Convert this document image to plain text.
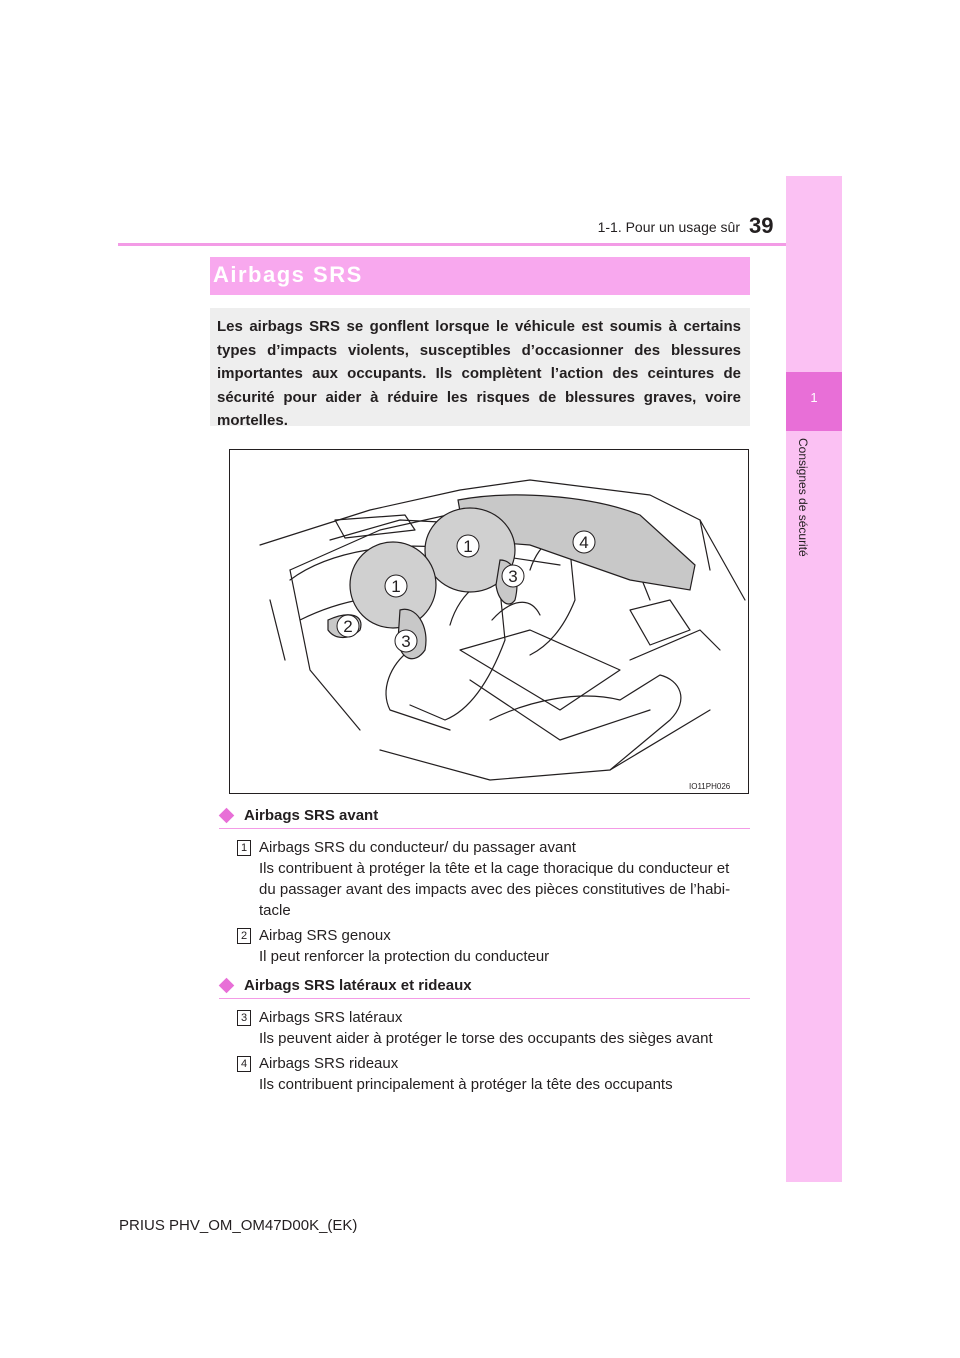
1
Consignes de sécurité
1-1. Pour un usage sûr 39
Airbags SRS

Les airbags SRS se gonflent lorsque le véhicule est soumis à certains types d’impacts violents, susceptibles d’occasionner des blessures importantes aux occupants. Ils complètent l’action des ceintures de sécurité pour aider à réduire les risques de blessures graves, voire mortelles.

1
1
2
3
3
4
IO11PH026
Airbags SRS avant
1 Airbags SRS du conducteur/ du passager avant
Ils contribuent à protéger la tête et la cage thoracique du conducteur et
du passager avant des impacts avec des pièces constitutives de l’habi-
tacle

2 Airbag SRS genoux
Il peut renforcer la protection du conducteur

Airbags SRS latéraux et rideaux
3 Airbags SRS latéraux
Ils peuvent aider à protéger le torse des occupants des sièges avant

4 Airbags SRS rideaux
Ils contribuent principalement à protéger la tête des occupants

PRIUS PHV_OM_OM47D00K_(EK)
